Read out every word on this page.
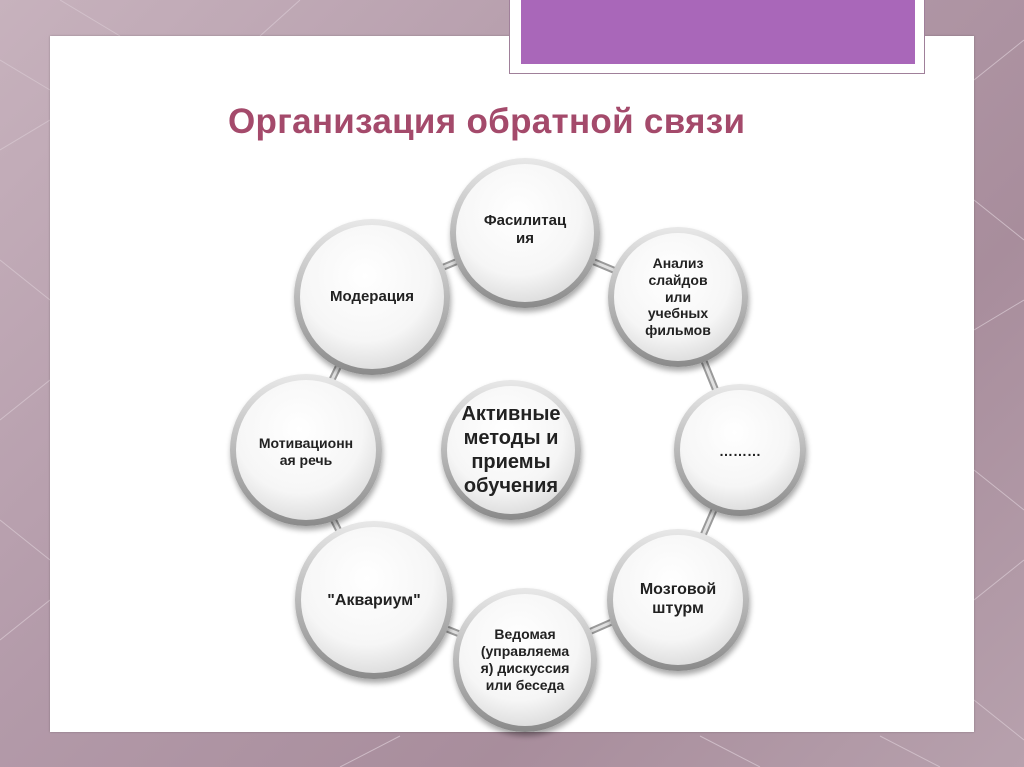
Организация обратной связи
Активные
методы и
приемы
обучения
Фасилитац
ия
Анализ
слайдов
или
учебных
фильмов
………
Мозговой
штурм
Ведомая
(управляема
я) дискуссия
или беседа
"Аквариум"
Мотивационн
ая речь
Модерация
